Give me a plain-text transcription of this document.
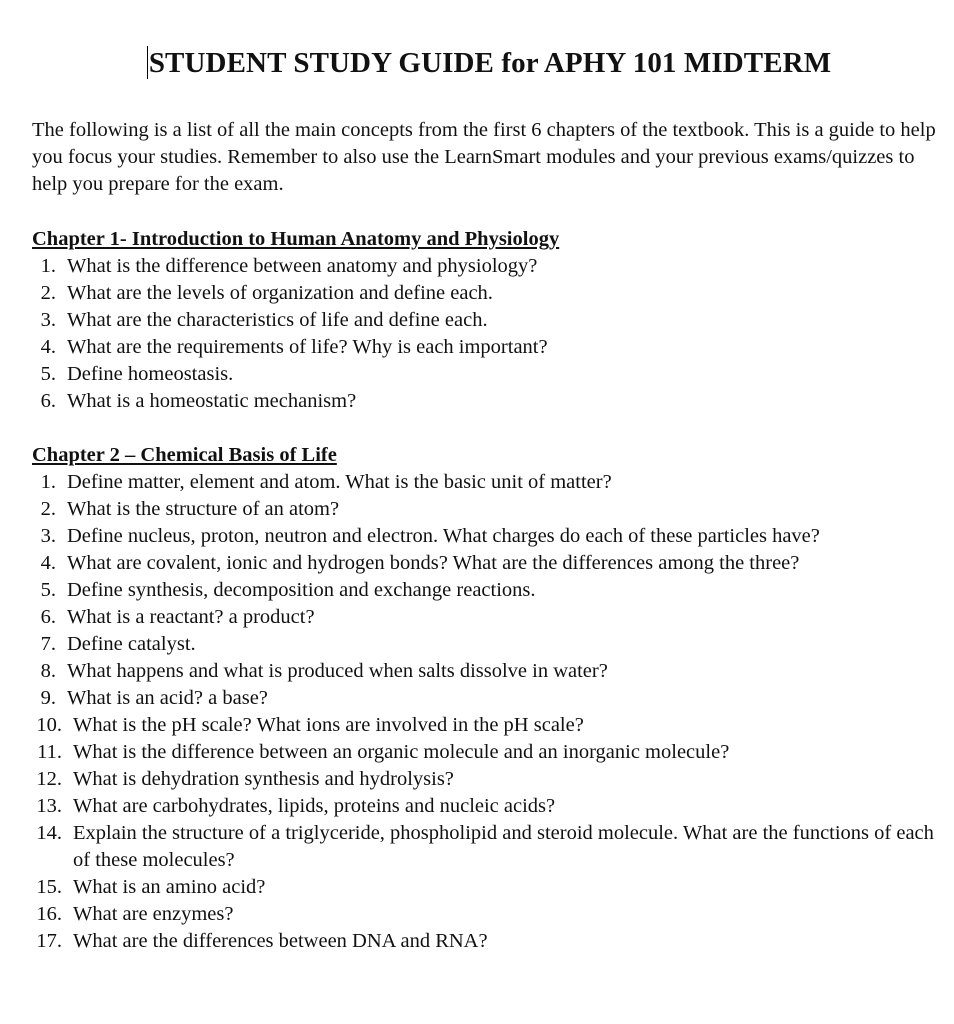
STUDENT STUDY GUIDE for APHY 101 MIDTERM

The following is a list of all the main concepts from the first 6 chapters of the textbook. This is a guide to help you focus your studies. Remember to also use the LearnSmart modules and your previous exams/quizzes to help you prepare for the exam.

Chapter 1- Introduction to Human Anatomy and Physiology
1. What is the difference between anatomy and physiology?
2. What are the levels of organization and define each.
3. What are the characteristics of life and define each.
4. What are the requirements of life? Why is each important?
5. Define homeostasis.
6. What is a homeostatic mechanism?
Chapter 2 – Chemical Basis of Life
1. Define matter, element and atom. What is the basic unit of matter?
2. What is the structure of an atom?
3. Define nucleus, proton, neutron and electron. What charges do each of these particles have?
4. What are covalent, ionic and hydrogen bonds? What are the differences among the three?
5. Define synthesis, decomposition and exchange reactions.
6. What is a reactant? a product?
7. Define catalyst.
8. What happens and what is produced when salts dissolve in water?
9. What is an acid? a base?
10. What is the pH scale? What ions are involved in the pH scale?
11. What is the difference between an organic molecule and an inorganic molecule?
12. What is dehydration synthesis and hydrolysis?
13. What are carbohydrates, lipids, proteins and nucleic acids?
14. Explain the structure of a triglyceride, phospholipid and steroid molecule. What are the functions of each of these molecules?
15. What is an amino acid?
16. What are enzymes?
17. What are the differences between DNA and RNA?
